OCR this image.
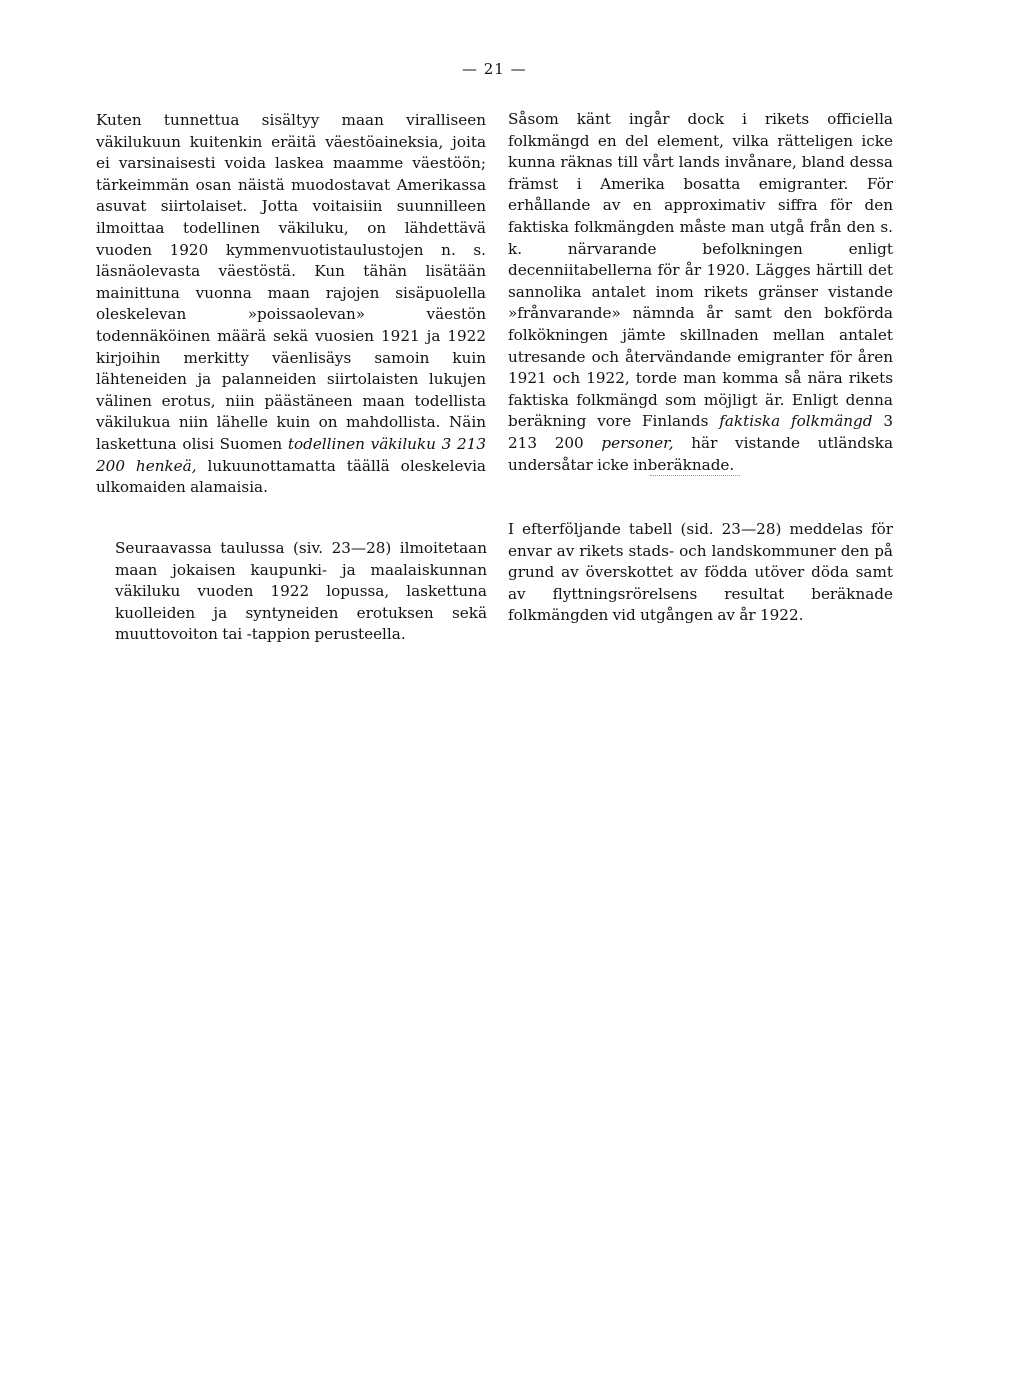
— 21 —

Kuten tunnettua sisältyy maan viralliseen väkilukuun kuitenkin eräitä väestöaineksia, joita ei varsinaisesti voida laskea maamme väestöön; tärkeimmän osan näistä muodostavat Amerikassa asuvat siirtolaiset. Jotta voitaisiin suunnilleen ilmoittaa todellinen väkiluku, on lähdettävä vuoden 1920 kymmenvuotistaulustojen n. s. läsnäolevasta väestöstä. Kun tähän lisätään mainittuna vuonna maan rajojen sisäpuolella oleskelevan »poissaolevan» väestön todennäköinen määrä sekä vuosien 1921 ja 1922 kirjoihin merkitty väenlisäys samoin kuin lähteneiden ja palanneiden siirtolaisten lukujen välinen erotus, niin päästäneen maan todellista väkilukua niin lähelle kuin on mahdollista. Näin laskettuna olisi Suomen todellinen väkiluku 3 213 200 henkeä, lukuunottamatta täällä oleskelevia ulkomaiden alamaisia.

Såsom känt ingår dock i rikets officiella folkmängd en del element, vilka rätteligen icke kunna räknas till vårt lands invånare, bland dessa främst i Amerika bosatta emigranter. För erhållande av en approximativ siffra för den faktiska folkmängden måste man utgå från den s. k. närvarande befolkningen enligt decenniitabellerna för år 1920. Lägges härtill det sannolika antalet inom rikets gränser vistande »frånvarande» nämnda år samt den bokförda folkökningen jämte skillnaden mellan antalet utresande och återvändande emigranter för åren 1921 och 1922, torde man komma så nära rikets faktiska folkmängd som möjligt är. Enligt denna beräkning vore Finlands faktiska folkmängd 3 213 200 personer, här vistande utländska undersåtar icke inberäknade.

Seuraavassa taulussa (siv. 23—28) ilmoitetaan maan jokaisen kaupunki- ja maalaiskunnan väkiluku vuoden 1922 lopussa, laskettuna kuolleiden ja syntyneiden erotuksen sekä muuttovoiton tai -tappion perusteella.

I efterföljande tabell (sid. 23—28) meddelas för envar av rikets stads- och landskommuner den på grund av överskottet av födda utöver döda samt av flyttningsrörelsens resultat beräknade folkmängden vid utgången av år 1922.
